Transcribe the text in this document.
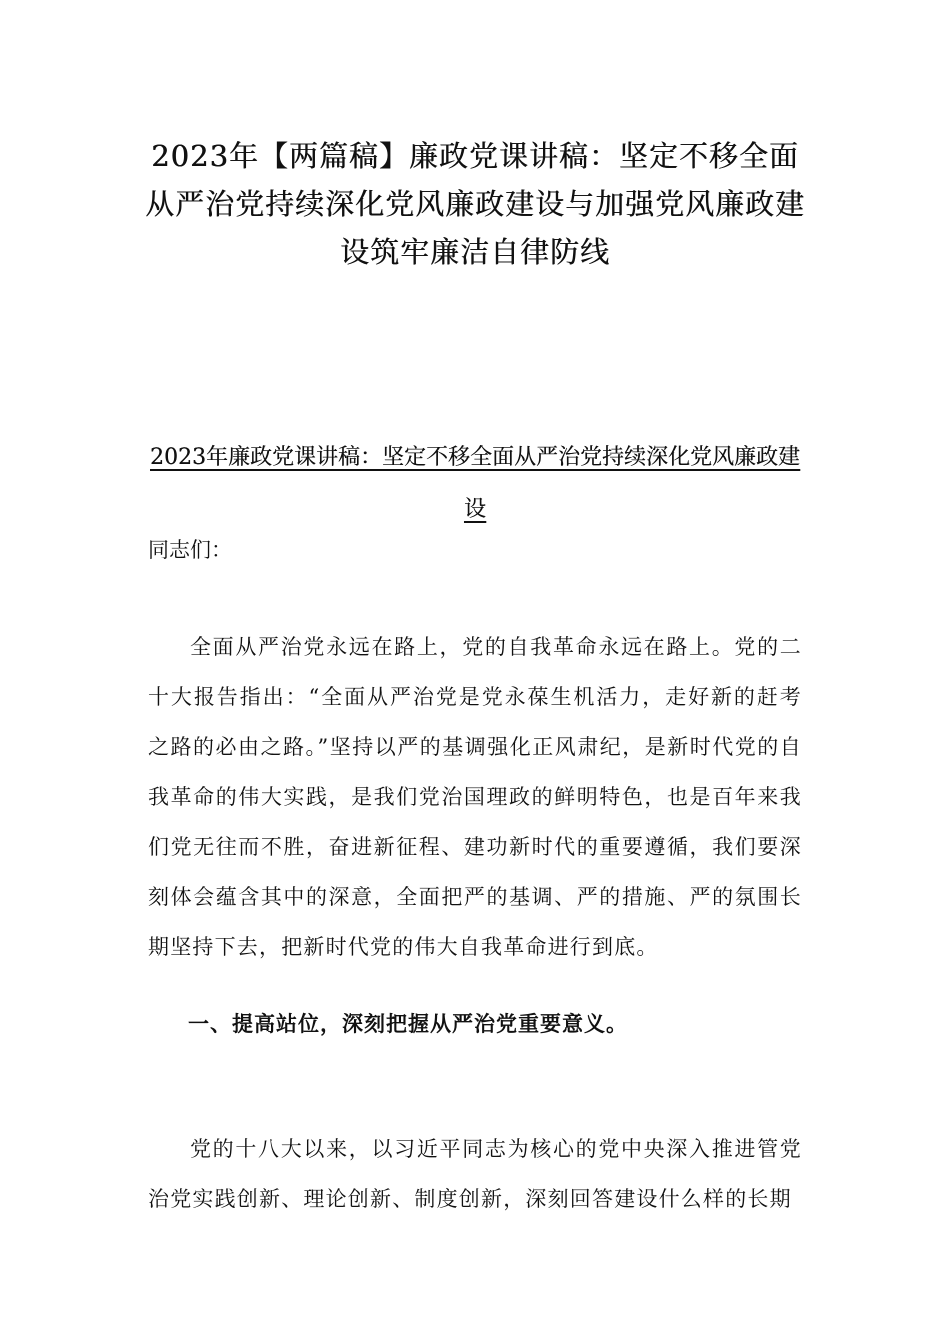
2023年【两篇稿】廉政党课讲稿：坚定不移全面从严治党持续深化党风廉政建设与加强党风廉政建设筑牢廉洁自律防线
2023年廉政党课讲稿：坚定不移全面从严治党持续深化党风廉政建设

同志们：

全面从严治党永远在路上，党的自我革命永远在路上。党的二十大报告指出：“全面从严治党是党永葆生机活力，走好新的赶考之路的必由之路。”坚持以严的基调强化正风肃纪，是新时代党的自我革命的伟大实践，是我们党治国理政的鲜明特色，也是百年来我们党无往而不胜，奋进新征程、建功新时代的重要遵循，我们要深刻体会蕴含其中的深意，全面把严的基调、严的措施、严的氛围长期坚持下去，把新时代党的伟大自我革命进行到底。

一、提高站位，深刻把握从严治党重要意义。

党的十八大以来，以习近平同志为核心的党中央深入推进管党治党实践创新、理论创新、制度创新，深刻回答建设什么样的长期
